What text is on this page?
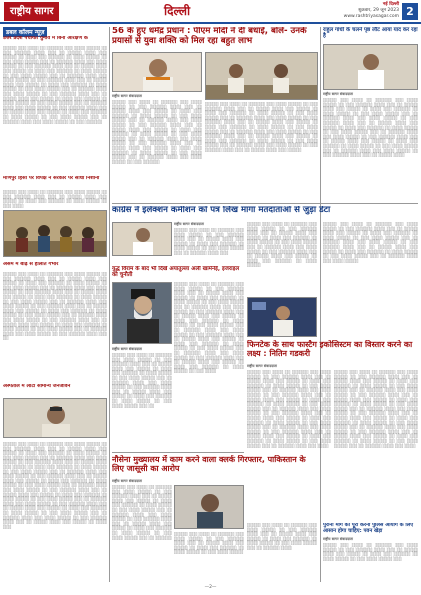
राष्ट्रीय सागर	दिल्ली	नई दिल्ली
शुक्रवार, 29 जून 2023
www.rashtriyasagar.com 2
डबल कॉलम न्यूज़
उत्तर प्रदेश पंचायत चुनाव में बिना आरक्षण के
░░░░░ ░░░ ░░░░ ░░ ░░░░░░ ░░░ ░░░░ ░░░░░ ░░ ░░░ ░░░░░░ ░░░░ ░░░ ░░ ░░░░░ ░░░░ ░░░ ░░░░░ ░░ ░░░░ ░░░ ░░░░░░ ░░ ░░░░ ░░░░░ ░░ ░░░ ░░░░ ░░░░░ ░░░ ░░ ░░░░░░ ░░░░ ░░░ ░░░░ ░░░░░ ░░ ░░░ ░░░░░░ ░░░░ ░░░ ░░ ░░░░░ ░░░░ ░░░ ░░░░░ ░░ ░░░░ ░░░ ░░░░░░ ░░ ░░░░ ░░░░░ ░░ ░░░ ░░░░ ░░░░░ ░░░ ░░ ░░░░░░ ░░░░ ░░░ ░░░░ ░░░░░ ░░ ░░░ ░░░░░░ ░░░░ ░░░ ░░ ░░░░░ ░░░░ ░░░ ░░░░░ ░░ ░░░░ ░░░ ░░░░░░ ░░ ░░░░ ░░░░░ ░░ ░░░ ░░░░ ░░░░░ ░░░ ░░ ░░░░░░ ░░░░ ░░░ ░░░░ ░░░░░ ░░ ░░░ ░░░░░░ ░░░░ ░░░ ░░ ░░░░░ ░░░░ ░░░ ░░░░░ ░░ ░░░░ ░░░ ░░░░░░ ░░ ░░░░ ░░░░░ ░░ ░░░ ░░░░ ░░░░░ ░░░ ░░ ░░░░░░ ░░░░ ░░░ ░░░░ ░░░░░ ░░ ░░░ ░░░░░░ ░░░░ ░░░ ░░ ░░░░░ ░░░░ ░░░ ░░░░░ ░░ ░░░░ ░░░ ░░░░░░ ░░ ░░░░ ░░░░░ ░░ ░░░ ░░░░ ░░░░░ ░░░ ░░ ░░░░░░ ░░░░ ░░░ ░░░░ ░░░░░ ░░ ░░░ ░░░░░░
मणिपुर हिंसा पर विपक्ष ने सरकार पर साधा निशाना
░░░░░ ░░░ ░░░░ ░░ ░░░░░░ ░░░ ░░░░ ░░░░░ ░░ ░░░ ░░░░░░ ░░░░ ░░░ ░░ ░░░░░ ░░░░ ░░░ ░░░░░ ░░ ░░░░ ░░░ ░░░░░░ ░░ ░░░░ ░░░░░ ░░ ░░░ ░░░░
असम में बाढ़ से हालात गंभीर
░░░░░ ░░░ ░░░░ ░░ ░░░░░░ ░░░ ░░░░ ░░░░░ ░░ ░░░ ░░░░░░ ░░░░ ░░░ ░░ ░░░░░ ░░░░ ░░░ ░░░░░ ░░ ░░░░ ░░░ ░░░░░░ ░░ ░░░░ ░░░░░ ░░ ░░░ ░░░░ ░░░░░ ░░░ ░░ ░░░░░░ ░░░░ ░░░ ░░░░ ░░░░░ ░░ ░░░ ░░░░░░ ░░░░ ░░░ ░░ ░░░░░ ░░░░ ░░░ ░░░░░ ░░ ░░░░ ░░░ ░░░░░░ ░░ ░░░░ ░░░░░ ░░ ░░░ ░░░░ ░░░░░ ░░░ ░░ ░░░░░░ ░░░░ ░░░ ░░░░ ░░░░░ ░░ ░░░ ░░░░░░ ░░░░ ░░░ ░░ ░░░░░ ░░░░ ░░░ ░░░░░ ░░ ░░░░ ░░░ ░░░░░░ ░░ ░░░░ ░░░░░ ░░ ░░░ ░░░░ ░░░░░ ░░░ ░░ ░░░░░░ ░░░░ ░░░ ░░░░ ░░░░░ ░░ ░░░ ░░░░░░ ░░░░ ░░░ ░░ ░░░░░ ░░░░ ░░░ ░░░░░ ░░ ░░░░ ░░░ ░░░░░░ ░░ ░░░░ ░░░░░ ░░ ░░░ ░░░░ ░░░░░ ░░░ ░░ ░░░░░░ ░░░░ ░░░ ░░░░ ░░░░░ ░░ ░░░ ░░░░░░ ░░░░ ░░░ ░░
अस्पताल में लौटा सामान्य जनजीवन
░░░░░ ░░░ ░░░░ ░░ ░░░░░░ ░░░ ░░░░ ░░░░░ ░░ ░░░ ░░░░░░ ░░░░ ░░░ ░░ ░░░░░ ░░░░ ░░░ ░░░░░ ░░ ░░░░ ░░░ ░░░░░░ ░░ ░░░░ ░░░░░ ░░ ░░░ ░░░░ ░░░░░ ░░░ ░░ ░░░░░░ ░░░░ ░░░ ░░░░ ░░░░░ ░░ ░░░ ░░░░░░ ░░░░ ░░░ ░░ ░░░░░ ░░░░ ░░░ ░░░░░ ░░ ░░░░ ░░░ ░░░░░░ ░░ ░░░░ ░░░░░ ░░ ░░░ ░░░░ ░░░░░ ░░░ ░░ ░░░░░░ ░░░░ ░░░ ░░░░ ░░░░░ ░░ ░░░ ░░░░░░ ░░░░ ░░░ ░░ ░░░░░ ░░░░ ░░░ ░░░░░ ░░ ░░░░ ░░░ ░░░░░░ ░░ ░░░░ ░░░░░ ░░ ░░░ ░░░░ ░░░░░ ░░░ ░░ ░░░░░░ ░░░░ ░░░ ░░░░ ░░░░░ ░░ ░░░ ░░░░░░ ░░░░ ░░░ ░░ ░░░░░ ░░░░ ░░░ ░░░░░ ░░ ░░░░ ░░░ ░░░░░░ ░░ ░░░░ ░░░░░ ░░ ░░░ ░░░░ ░░░░░ ░░░ ░░ ░░░░░░ ░░░░ ░░░ ░░░░ ░░░░░ ░░ ░░░ ░░░░░░ ░░░░ ░░░ ░░ ░░░░░ ░░░░ ░░░ ░░░░░ ░░ ░░░░ ░░░ ░░░░░░ ░░ ░░░░ ░░░░░ ░░ ░░░ ░░░░ ░░░░░ ░░░ ░░ ░░░░░░ ░░░░ ░░░ ░░░░ ░░░░░ ░░ ░░░ ░░░░░░ ░░░░ ░░░ ░░ ░░░░░ ░░░░ ░░░ ░░░░░ ░░ ░░░░ ░░░
56 के हुए धर्मेंद्र प्रधान : पीएम मोदी ने दी बधाई, बोले- उनके प्रयासों से युवा शक्ति को मिल रहा बहुत लाभ
राष्ट्रीय सागर संवाददाता
░░░░░ ░░░ ░░░░ ░░ ░░░░░░ ░░░ ░░░░ ░░░░░ ░░ ░░░ ░░░░░░ ░░░░ ░░░ ░░ ░░░░░ ░░░░ ░░░ ░░░░░ ░░ ░░░░ ░░░ ░░░░░░ ░░ ░░░░ ░░░░░ ░░ ░░░ ░░░░ ░░░░░ ░░░ ░░ ░░░░░░ ░░░░ ░░░ ░░░░ ░░░░░ ░░ ░░░ ░░░░░░ ░░░░ ░░░ ░░ ░░░░░ ░░░░ ░░░ ░░░░░ ░░ ░░░░ ░░░ ░░░░░░ ░░ ░░░░ ░░░░░ ░░ ░░░ ░░░░ ░░░░░ ░░░ ░░ ░░░░░░ ░░░░ ░░░ ░░░░ ░░░░░ ░░ ░░░ ░░░░░░ ░░░░ ░░░ ░░ ░░░░░ ░░░░ ░░░ ░░░░░ ░░ ░░░░ ░░░ ░░░░░░ ░░ ░░░░ ░░░░░ ░░ ░░░ ░░░░ ░░░░░ ░░░ ░░ ░░░░░░ ░░░░ ░░░ ░░░░ ░░░░░ ░░ ░░░ ░░░░░░
░░░░░ ░░░ ░░░░ ░░ ░░░░░░ ░░░ ░░░░ ░░░░░ ░░ ░░░ ░░░░░░ ░░░░ ░░░ ░░ ░░░░░ ░░░░ ░░░ ░░░░░ ░░ ░░░░ ░░░ ░░░░░░ ░░ ░░░░ ░░░░░ ░░ ░░░ ░░░░ ░░░░░ ░░░ ░░ ░░░░░░ ░░░░ ░░░ ░░░░ ░░░░░ ░░ ░░░ ░░░░░░ ░░░░ ░░░ ░░ ░░░░░ ░░░░ ░░░ ░░░░░ ░░ ░░░░ ░░░ ░░░░░░ ░░ ░░░░ ░░░░░ ░░ ░░░ ░░░░ ░░░░░ ░░░ ░░ ░░░░░░ ░░░░ ░░░ ░░░░ ░░░░░ ░░ ░░░ ░░░░░░ ░░░░ ░░░ ░░ ░░░░░ ░░░░ ░░░ ░░░░░ ░░ ░░░░ ░░░ ░░░░░░ ░░ ░░░░ ░░░░░ ░░ ░░░ ░░░░ ░░░░░ ░░░ ░░ ░░░░░░ ░░░░ ░░░ ░░░░ ░░░░░ ░░ ░░░ ░░░░░░ ░░░░ ░░░ ░░ ░░░░░ ░░░░ ░░░ ░░░░░
राहुल गांधी के चलने पृष्ठ लौट आया याद कर रहा है
राष्ट्रीय सागर संवाददाता
░░░░░ ░░░ ░░░░ ░░ ░░░░░░ ░░░ ░░░░ ░░░░░ ░░ ░░░ ░░░░░░ ░░░░ ░░░ ░░ ░░░░░ ░░░░ ░░░ ░░░░░ ░░ ░░░░ ░░░ ░░░░░░ ░░ ░░░░ ░░░░░ ░░ ░░░ ░░░░ ░░░░░ ░░░ ░░ ░░░░░░ ░░░░ ░░░ ░░░░ ░░░░░ ░░ ░░░ ░░░░░░ ░░░░ ░░░ ░░ ░░░░░ ░░░░ ░░░ ░░░░░ ░░ ░░░░ ░░░ ░░░░░░ ░░ ░░░░ ░░░░░ ░░ ░░░ ░░░░ ░░░░░ ░░░ ░░ ░░░░░░ ░░░░ ░░░ ░░░░ ░░░░░ ░░ ░░░ ░░░░░░ ░░░░ ░░░ ░░ ░░░░░ ░░░░ ░░░ ░░░░░ ░░ ░░░░ ░░░ ░░░░░░ ░░ ░░░░ ░░░░░ ░░ ░░░ ░░░░ ░░░░░ ░░░ ░░ ░░░░░░ ░░░░ ░░░ ░░░░ ░░░░░ ░░ ░░░ ░░░░░░ ░░░░ ░░░ ░░ ░░░░░ ░░░░
कांग्रेस ने इलेक्शन कमीशन को पत्र लिख मांगा मतदाताओं से जुड़ा डेटा
राष्ट्रीय सागर संवाददाता
░░░░░ ░░░ ░░░░ ░░ ░░░░░░ ░░░ ░░░░ ░░░░░ ░░ ░░░ ░░░░░░ ░░░░ ░░░ ░░ ░░░░░ ░░░░ ░░░ ░░░░░ ░░ ░░░░ ░░░ ░░░░░░ ░░ ░░░░ ░░░░░ ░░ ░░░ ░░░░ ░░░░░ ░░░ ░░ ░░░░░░ ░░░░ ░░░
░░░░░ ░░░ ░░░░ ░░ ░░░░░░ ░░░ ░░░░ ░░░░░ ░░ ░░░ ░░░░░░ ░░░░ ░░░ ░░ ░░░░░ ░░░░ ░░░ ░░░░░ ░░ ░░░░ ░░░ ░░░░░░ ░░ ░░░░ ░░░░░ ░░ ░░░ ░░░░ ░░░░░ ░░░ ░░ ░░░░░░ ░░░░ ░░░ ░░░░ ░░░░░ ░░ ░░░ ░░░░░░ ░░░░ ░░░ ░░ ░░░░░ ░░░░ ░░░ ░░░░░ ░░ ░░░░ ░░░ ░░░░░░ ░░ ░░░░ ░░░░░
░░░░░ ░░░ ░░░░ ░░ ░░░░░░ ░░░ ░░░░ ░░░░░ ░░ ░░░ ░░░░░░ ░░░░ ░░░ ░░ ░░░░░ ░░░░ ░░░ ░░░░░ ░░ ░░░░ ░░░ ░░░░░░ ░░ ░░░░ ░░░░░ ░░ ░░░ ░░░░ ░░░░░ ░░░ ░░ ░░░░░░ ░░░░ ░░░ ░░░░ ░░░░░ ░░ ░░░ ░░░░░░ ░░░░ ░░░ ░░ ░░░░░ ░░░░ ░░░ ░░░░░ ░░ ░░░░ ░░░ ░░░░░░ ░░ ░░░░ ░░░░░ ░░ ░░░ ░░░░ ░░░░░ ░░░ ░░ ░░░░░░ ░░░░ ░░░ ░░░░ ░░░░░
युद्ध विराम के बाद भी दिखे अयातुल्ला अली खामेनेई, इजराइल को चुनौती
राष्ट्रीय सागर संवाददाता
░░░░░ ░░░ ░░░░ ░░ ░░░░░░ ░░░ ░░░░ ░░░░░ ░░ ░░░ ░░░░░░ ░░░░ ░░░ ░░ ░░░░░ ░░░░ ░░░ ░░░░░ ░░ ░░░░ ░░░ ░░░░░░ ░░ ░░░░ ░░░░░ ░░ ░░░ ░░░░ ░░░░░ ░░░ ░░ ░░░░░░ ░░░░ ░░░ ░░░░ ░░░░░ ░░ ░░░ ░░░░░░ ░░░░ ░░░ ░░ ░░░░░ ░░░░ ░░░ ░░░░░ ░░ ░░░░ ░░░ ░░░░░░ ░░ ░░░░ ░░░░░ ░░ ░░░ ░░░░ ░░░░░ ░░░ ░░
░░░░░ ░░░ ░░░░ ░░ ░░░░░░ ░░░ ░░░░ ░░░░░ ░░ ░░░ ░░░░░░ ░░░░ ░░░ ░░ ░░░░░ ░░░░ ░░░ ░░░░░ ░░ ░░░░ ░░░ ░░░░░░ ░░ ░░░░ ░░░░░ ░░ ░░░ ░░░░ ░░░░░ ░░░ ░░ ░░░░░░ ░░░░ ░░░ ░░░░ ░░░░░ ░░ ░░░ ░░░░░░ ░░░░ ░░░ ░░ ░░░░░ ░░░░ ░░░ ░░░░░ ░░ ░░░░ ░░░ ░░░░░░ ░░ ░░░░ ░░░░░ ░░ ░░░ ░░░░ ░░░░░ ░░░ ░░ ░░░░░░ ░░░░ ░░░ ░░░░ ░░░░░ ░░ ░░░ ░░░░░░ ░░░░ ░░░ ░░ ░░░░░ ░░░░ ░░░ ░░░░░ ░░ ░░░░ ░░░ ░░░░░░ ░░ ░░░░ ░░░░░ ░░ ░░░ ░░░░ ░░░░░ ░░░ ░░ ░░░░░░ ░░░░ ░░░ ░░░░ ░░░░░ ░░ ░░░ ░░░░░░ ░░░░ ░░░ ░░ ░░░░░ ░░░░ ░░░ ░░░░░ ░░ ░░░░ ░░░ ░░░░░░ ░░ ░░░░ ░░░░░ ░░ ░░░ ░░░░
फिनटेक के साथ फास्टैग इकोसिस्टम का विस्तार करने का लक्ष्य : नितिन गडकरी
राष्ट्रीय सागर संवाददाता
░░░░░ ░░░ ░░░░ ░░ ░░░░░░ ░░░ ░░░░ ░░░░░ ░░ ░░░ ░░░░░░ ░░░░ ░░░ ░░ ░░░░░ ░░░░ ░░░ ░░░░░ ░░ ░░░░ ░░░ ░░░░░░ ░░ ░░░░ ░░░░░ ░░ ░░░ ░░░░ ░░░░░ ░░░ ░░ ░░░░░░ ░░░░ ░░░ ░░░░ ░░░░░ ░░ ░░░ ░░░░░░ ░░░░ ░░░ ░░ ░░░░░ ░░░░ ░░░ ░░░░░ ░░ ░░░░ ░░░ ░░░░░░ ░░ ░░░░ ░░░░░ ░░ ░░░ ░░░░ ░░░░░ ░░░ ░░ ░░░░░░ ░░░░ ░░░ ░░░░ ░░░░░ ░░ ░░░ ░░░░░░ ░░░░ ░░░ ░░ ░░░░░ ░░░░ ░░░ ░░░░░ ░░ ░░░░ ░░░ ░░░░░░ ░░ ░░░░ ░░░░░ ░░ ░░░ ░░░░ ░░░░░ ░░░ ░░ ░░░░░░ ░░░░ ░░░ ░░░░ ░░░░░ ░░ ░░░ ░░░░░░ ░░░░ ░░░ ░░ ░░░░░ ░░░░ ░░░ ░░░░░ ░░ ░░░░ ░░░ ░░░░░░ ░░ ░░░░ ░░░░░ ░░ ░░░ ░░░░ ░░░░░ ░░░ ░░ ░░░░░░ ░░░░ ░░░ ░░░░
░░░░░ ░░░ ░░░░ ░░ ░░░░░░ ░░░ ░░░░ ░░░░░ ░░ ░░░ ░░░░░░ ░░░░ ░░░ ░░ ░░░░░ ░░░░ ░░░ ░░░░░ ░░ ░░░░ ░░░ ░░░░░░ ░░ ░░░░ ░░░░░ ░░ ░░░ ░░░░ ░░░░░ ░░░ ░░ ░░░░░░ ░░░░ ░░░ ░░░░ ░░░░░ ░░ ░░░ ░░░░░░ ░░░░ ░░░ ░░ ░░░░░ ░░░░ ░░░ ░░░░░ ░░ ░░░░ ░░░ ░░░░░░ ░░ ░░░░ ░░░░░ ░░ ░░░ ░░░░ ░░░░░ ░░░ ░░ ░░░░░░ ░░░░ ░░░ ░░░░ ░░░░░ ░░ ░░░ ░░░░░░ ░░░░ ░░░ ░░ ░░░░░ ░░░░ ░░░ ░░░░░ ░░ ░░░░ ░░░ ░░░░░░ ░░ ░░░░ ░░░░░ ░░ ░░░ ░░░░ ░░░░░ ░░░ ░░ ░░░░░░ ░░░░ ░░░ ░░░░ ░░░░░ ░░ ░░░ ░░░░░░ ░░░░ ░░░ ░░ ░░░░░ ░░░░ ░░░ ░░░░░ ░░ ░░░░ ░░░ ░░░░░░ ░░ ░░░░ ░░░░░ ░░ ░░░ ░░░░ ░░░░░ ░░░ ░░ ░░░░░░ ░░░░ ░░░ ░░░░
नौसेना मुख्यालय में काम करने वाला क्लर्क गिरफ्तार, पाकिस्तान के लिए जासूसी का आरोप
राष्ट्रीय सागर संवाददाता
░░░░░ ░░░ ░░░░ ░░ ░░░░░░ ░░░ ░░░░ ░░░░░ ░░ ░░░ ░░░░░░ ░░░░ ░░░ ░░ ░░░░░ ░░░░ ░░░ ░░░░░ ░░ ░░░░ ░░░ ░░░░░░ ░░ ░░░░ ░░░░░ ░░ ░░░ ░░░░ ░░░░░ ░░░ ░░ ░░░░░░ ░░░░ ░░░ ░░░░ ░░░░░ ░░ ░░░ ░░░░░░ ░░░░ ░░░ ░░ ░░░░░ ░░░░ ░░░ ░░░░░ ░░ ░░░░ ░░░ ░░░░░░ ░░ ░░░░ ░░░░░ ░░ ░░░ ░░░░ ░░░░░ ░░░ ░░ ░░░░░░
░░░░░ ░░░ ░░░░ ░░ ░░░░░░ ░░░ ░░░░ ░░░░░ ░░ ░░░ ░░░░░░ ░░░░ ░░░ ░░ ░░░░░ ░░░░ ░░░ ░░░░░ ░░ ░░░░ ░░░ ░░░░░░ ░░ ░░░░ ░░░░░ ░░ ░░░ ░░░░ ░░░░░
░░░░░ ░░░ ░░░░ ░░ ░░░░░░ ░░░ ░░░░ ░░░░░ ░░ ░░░ ░░░░░░ ░░░░ ░░░ ░░ ░░░░░ ░░░░ ░░░ ░░░░░ ░░ ░░░░ ░░░ ░░░░░░ ░░ ░░░░ ░░░░░ ░░ ░░░ ░░░░ ░░░░░ ░░░ ░░ ░░░░░░ ░░░░
पुरानी मांग को पूरा करना पुलिस आयोग के लिए आसान होगा चाहिए: पवन खेड़ा
राष्ट्रीय सागर संवाददाता
░░░░░ ░░░ ░░░░ ░░ ░░░░░░ ░░░ ░░░░ ░░░░░ ░░ ░░░ ░░░░░░ ░░░░ ░░░ ░░ ░░░░░ ░░░░ ░░░ ░░░░░ ░░ ░░░░ ░░░ ░░░░░░ ░░ ░░░░ ░░░░░ ░░ ░░░ ░░░░ ░░░░░ ░░░
—2—
